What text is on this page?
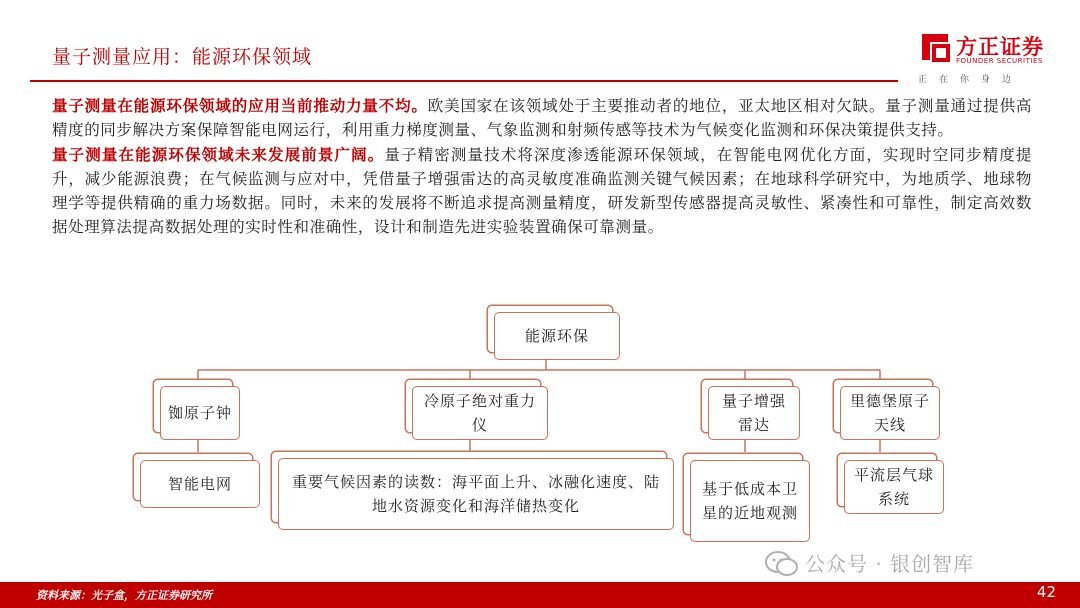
量子测量应用：能源环保领域	方正证券
FOUNDER SECURITIES
正在你身边

量子测量在能源环保领域的应用当前推动力量不均。欧美国家在该领域处于主要推动者的地位，亚太地区相对欠缺。量子测量通过提供高精度的同步解决方案保障智能电网运行，利用重力梯度测量、气象监测和射频传感等技术为气候变化监测和环保决策提供支持。

量子测量在能源环保领域未来发展前景广阔。量子精密测量技术将深度渗透能源环保领域，在智能电网优化方面，实现时空同步精度提升，减少能源浪费；在气候监测与应对中，凭借量子增强雷达的高灵敏度准确监测关键气候因素；在地球科学研究中，为地质学、地球物理学等提供精确的重力场数据。同时，未来的发展将不断追求提高测量精度，研发新型传感器提高灵敏性、紧凑性和可靠性，制定高效数据处理算法提高数据处理的实时性和准确性，设计和制造先进实验装置确保可靠测量。

能源环保
铷原子钟
冷原子绝对重力仪
量子增强雷达
里德堡原子天线
智能电网	重要气候因素的读数：海平面上升、冰融化速度、陆地水资源变化和海洋储热变化
基于低成本卫星的近地观测
平流层气球系统
公众号 · 银创智库
资料来源：光子盒，方正证券研究所	42
